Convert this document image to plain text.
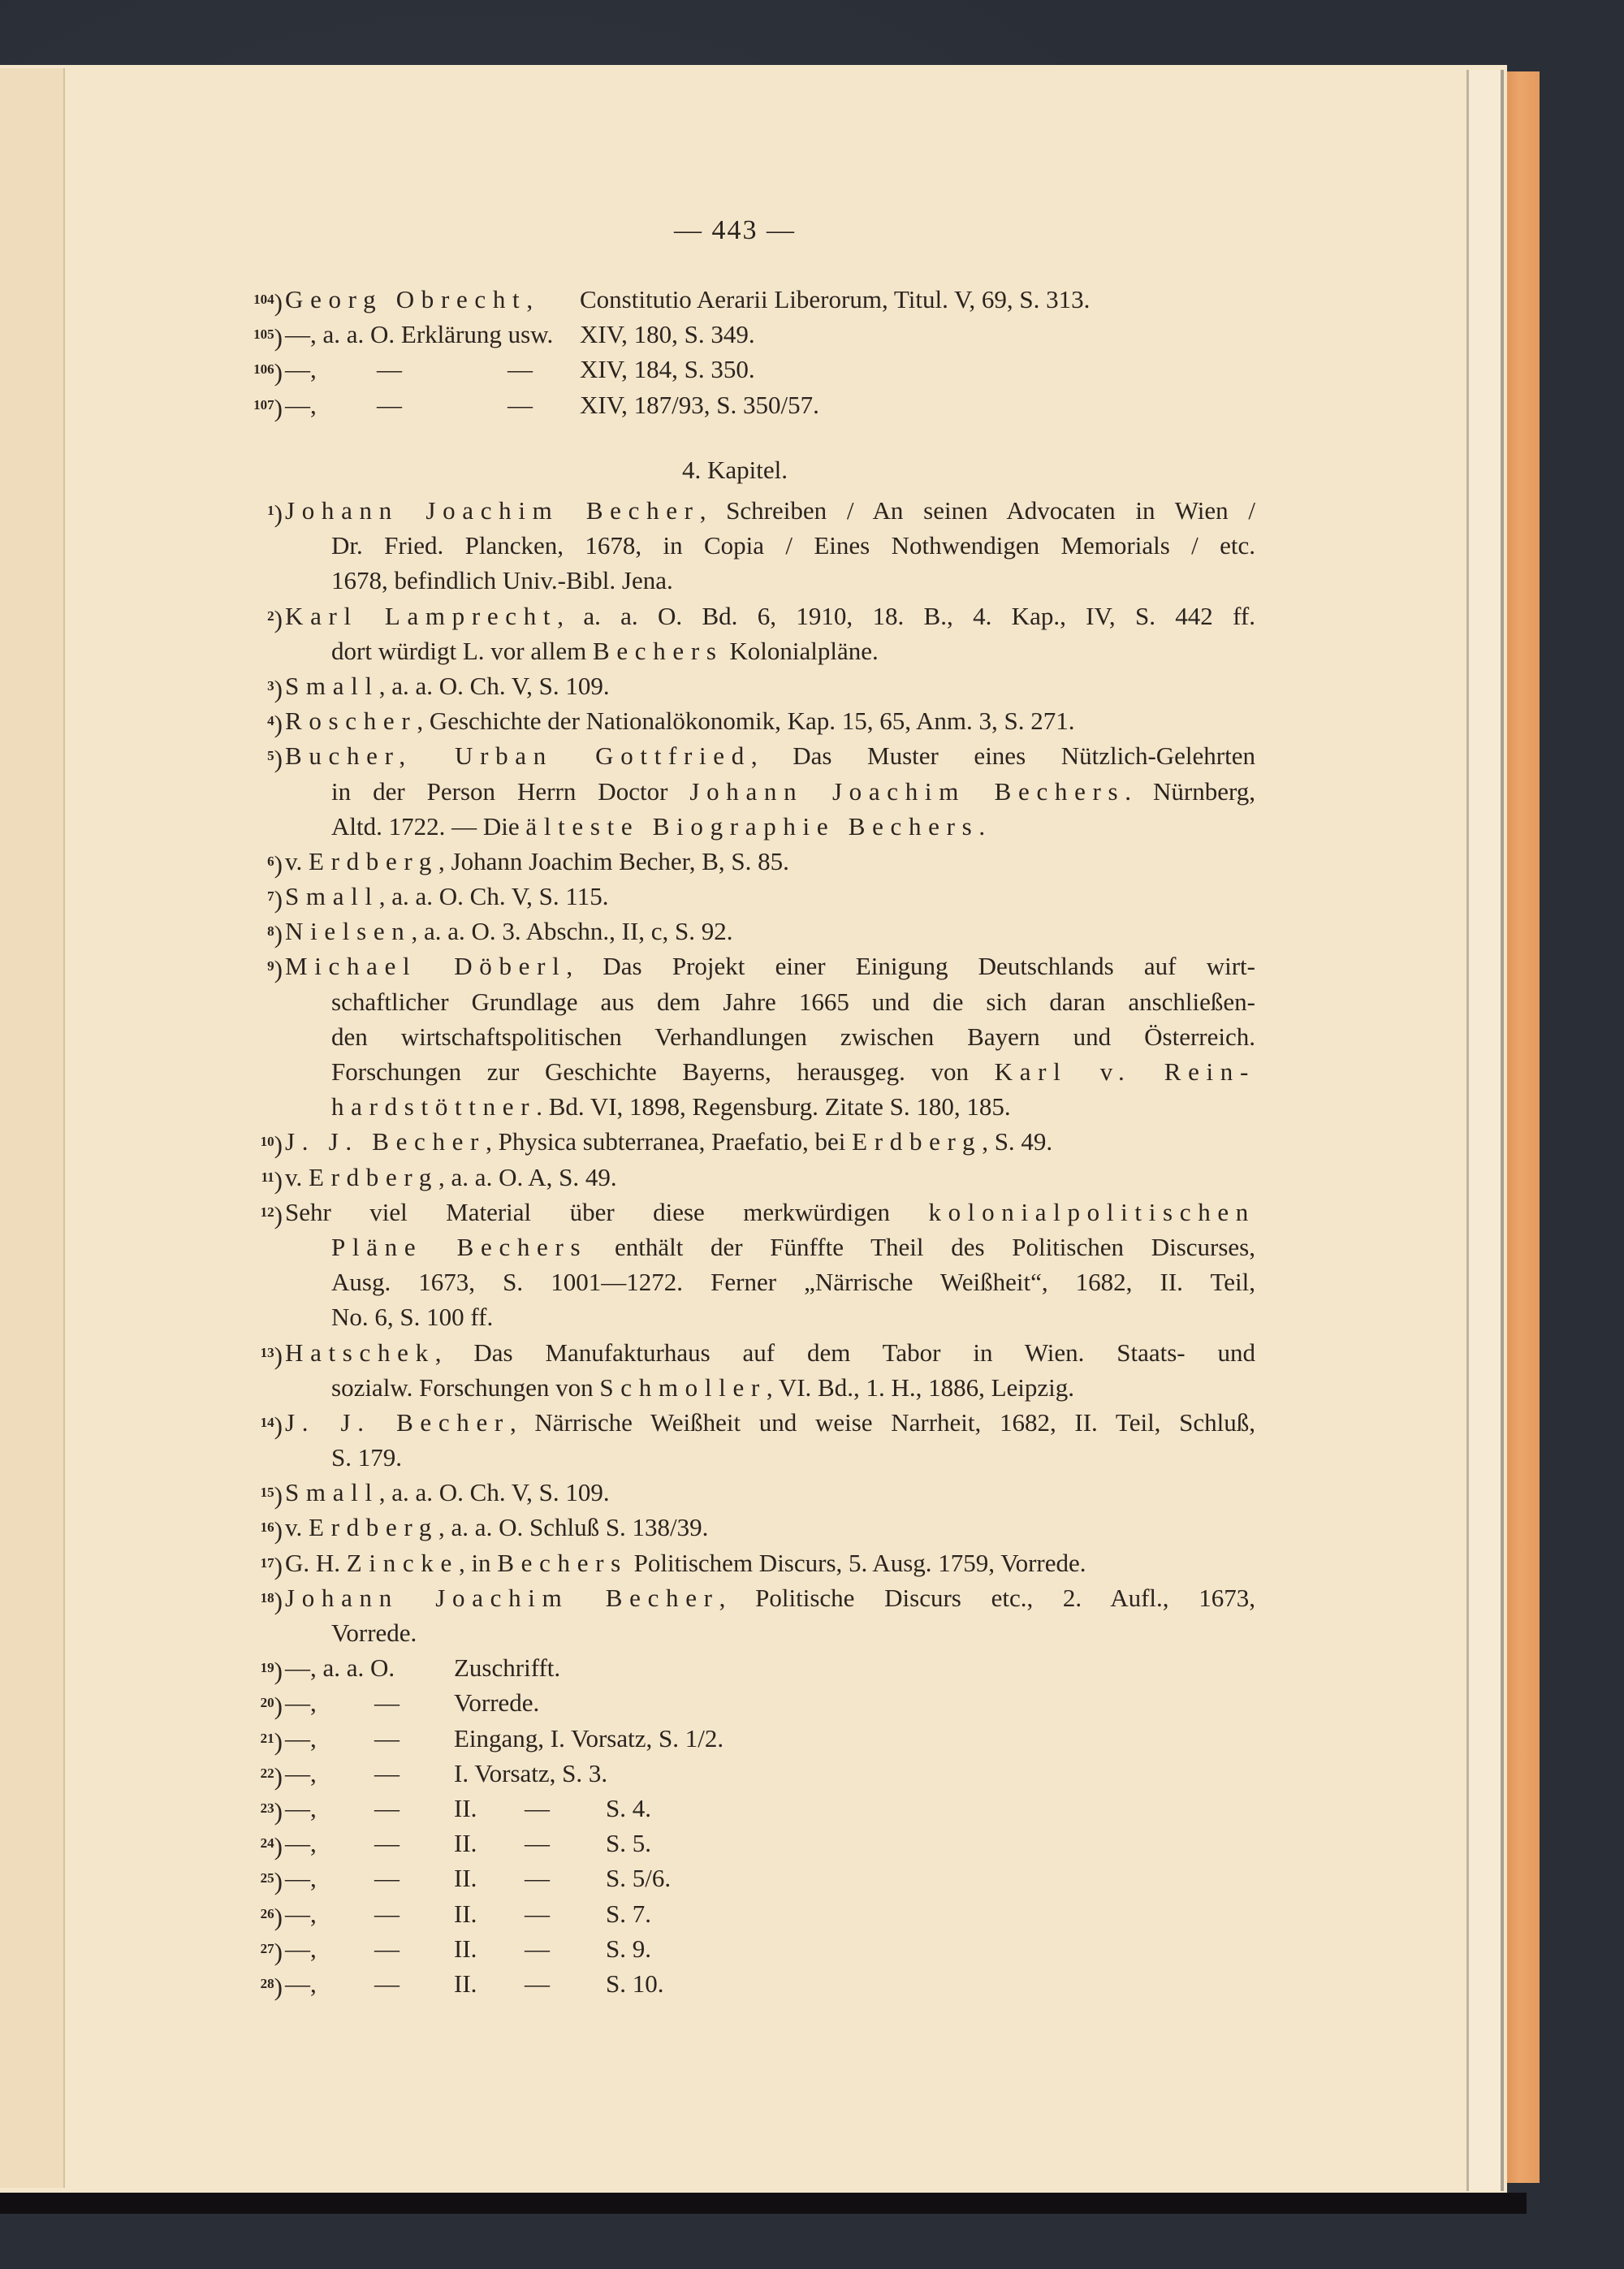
— 443 —
$^{104}$) Georg Obrecht, Constitutio Aerarii Liberorum, Titul. V, 69, S. 313.
$^{105}$) —, a. a. O. Erklärung usw. XIV, 180, S. 349.
$^{106}$) —, —	— XIV, 184, S. 350.
$^{107}$) —, —	— XIV, 187/93, S. 350/57.
4. Kapitel.
$^1$) Johann Joachim Becher, Schreiben / An seinen Advocaten in Wien /
Dr. Fried. Plancken, 1678, in Copia / Eines Nothwendigen Memorials / etc.
1678, befindlich Univ.-Bibl. Jena.
$^2$) Karl Lamprecht, a. a. O. Bd. 6, 1910, 18. B., 4. Kap., IV, S. 442 ff.
dort würdigt L. vor allem Bechers Kolonialpläne.
$^3$) Small, a. a. O. Ch. V, S. 109.
$^4$) Roscher, Geschichte der Nationalökonomik, Kap. 15, 65, Anm. 3, S. 271.
$^5$) Bucher, Urban Gottfried, Das Muster eines Nützlich-Gelehrten
in der Person Herrn Doctor Johann Joachim Bechers. Nürnberg,
Altd. 1722. — Die älteste Biographie Bechers.
$^6$) v. Erdberg, Johann Joachim Becher, B, S. 85.
$^7$) Small, a. a. O. Ch. V, S. 115.
$^8$) Nielsen, a. a. O. 3. Abschn., II, c, S. 92.
$^9$) Michael Döberl, Das Projekt einer Einigung Deutschlands auf wirt-
schaftlicher Grundlage aus dem Jahre 1665 und die sich daran anschließen-
den wirtschaftspolitischen Verhandlungen zwischen Bayern und Österreich.
Forschungen zur Geschichte Bayerns, herausgeg. von Karl v. Rein-
hardstöttner. Bd. VI, 1898, Regensburg. Zitate S. 180, 185.
$^{10}$) J. J. Becher, Physica subterranea, Praefatio, bei Erdberg, S. 49.
$^{11}$) v. Erdberg, a. a. O. A, S. 49.
$^{12}$) Sehr viel Material über diese merkwürdigen kolonialpolitischen
Pläne Bechers enthält der Fünffte Theil des Politischen Discurses,
Ausg. 1673, S. 1001—1272. Ferner „Närrische Weißheit“, 1682, II. Teil,
No. 6, S. 100 ff.
$^{13}$) Hatschek, Das Manufakturhaus auf dem Tabor in Wien. Staats- und
sozialw. Forschungen von Schmoller, VI. Bd., 1. H., 1886, Leipzig.
$^{14}$) J. J. Becher, Närrische Weißheit und weise Narrheit, 1682, II. Teil, Schluß,
S. 179.
$^{15}$) Small, a. a. O. Ch. V, S. 109.
$^{16}$) v. Erdberg, a. a. O. Schluß S. 138/39.
$^{17}$) G. H. Zincke, in Bechers Politischem Discurs, 5. Ausg. 1759, Vorrede.
$^{18}$) Johann Joachim Becher, Politische Discurs etc., 2. Aufl., 1673,
Vorrede.
$^{19}$) —, a. a. O. Zuschrifft.
$^{20}$) —, — Vorrede.
$^{21}$) —, — Eingang, I. Vorsatz, S. 1/2.
$^{22}$) —, — I. Vorsatz, S. 3.
$^{23}$) —, — II. — S. 4.
$^{24}$) —, — II. — S. 5.
$^{25}$) —, — II. — S. 5/6.
$^{26}$) —, — II. — S. 7.
$^{27}$) —, — II. — S. 9.
$^{28}$) —, — II. — S. 10.
